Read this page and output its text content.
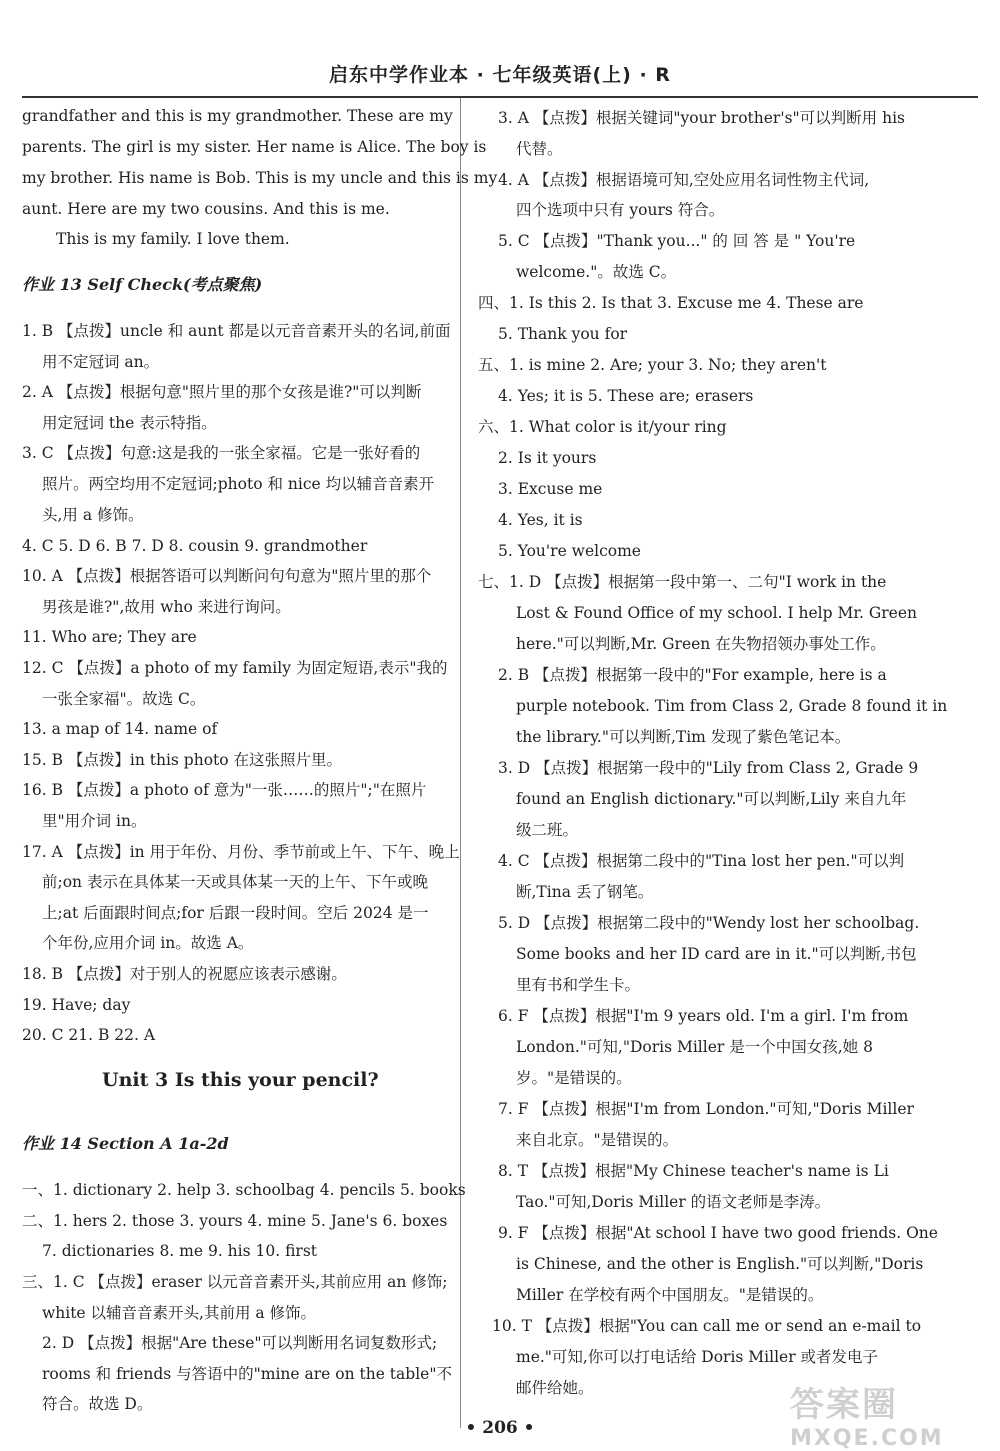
启东中学作业本 · 七年级英语(上) · R
grandfather and this is my grandmother. These are my
parents. The girl is my sister. Her name is Alice. The boy is
my brother. His name is Bob. This is my uncle and this is my
aunt. Here are my two cousins. And this is me.
This is my family. I love them.
作业 13 Self Check(考点聚焦)
1. B 【点拨】uncle 和 aunt 都是以元音音素开头的名词,前面
用不定冠词 an。
2. A 【点拨】根据句意"照片里的那个女孩是谁?"可以判断
用定冠词 the 表示特指。
3. C 【点拨】句意:这是我的一张全家福。它是一张好看的
照片。两空均用不定冠词;photo 和 nice 均以辅音音素开
头,用 a 修饰。
4. C 5. D 6. B 7. D 8. cousin 9. grandmother
10. A 【点拨】根据答语可以判断问句句意为"照片里的那个
男孩是谁?",故用 who 来进行询问。
11. Who are; They are
12. C 【点拨】a photo of my family 为固定短语,表示"我的
一张全家福"。故选 C。
13. a map of 14. name of
15. B 【点拨】in this photo 在这张照片里。
16. B 【点拨】a photo of 意为"一张……的照片";"在照片
里"用介词 in。
17. A 【点拨】in 用于年份、月份、季节前或上午、下午、晚上
前;on 表示在具体某一天或具体某一天的上午、下午或晚
上;at 后面跟时间点;for 后跟一段时间。空后 2024 是一
个年份,应用介词 in。故选 A。
18. B 【点拨】对于别人的祝愿应该表示感谢。
19. Have; day
20. C 21. B 22. A
Unit 3 Is this your pencil?
作业 14 Section A 1a-2d
一、1. dictionary 2. help 3. schoolbag 4. pencils 5. books
二、1. hers 2. those 3. yours 4. mine 5. Jane's 6. boxes
7. dictionaries 8. me 9. his 10. first
三、1. C 【点拨】eraser 以元音音素开头,其前应用 an 修饰;
white 以辅音音素开头,其前用 a 修饰。
2. D 【点拨】根据"Are these"可以判断用名词复数形式;
rooms 和 friends 与答语中的"mine are on the table"不
符合。故选 D。
3. A 【点拨】根据关键词"your brother's"可以判断用 his
代替。
4. A 【点拨】根据语境可知,空处应用名词性物主代词,
四个选项中只有 yours 符合。
5. C 【点拨】"Thank you..." 的 回 答 是 " You're
welcome."。故选 C。
四、1. Is this 2. Is that 3. Excuse me 4. These are
5. Thank you for
五、1. is mine 2. Are; your 3. No; they aren't
4. Yes; it is 5. These are; erasers
六、1. What color is it/your ring
2. Is it yours
3. Excuse me
4. Yes, it is
5. You're welcome
七、1. D 【点拨】根据第一段中第一、二句"I work in the
Lost & Found Office of my school. I help Mr. Green
here."可以判断,Mr. Green 在失物招领办事处工作。
2. B 【点拨】根据第一段中的"For example, here is a
purple notebook. Tim from Class 2, Grade 8 found it in
the library."可以判断,Tim 发现了紫色笔记本。
3. D 【点拨】根据第一段中的"Lily from Class 2, Grade 9
found an English dictionary."可以判断,Lily 来自九年
级二班。
4. C 【点拨】根据第二段中的"Tina lost her pen."可以判
断,Tina 丢了钢笔。
5. D 【点拨】根据第二段中的"Wendy lost her schoolbag.
Some books and her ID card are in it."可以判断,书包
里有书和学生卡。
6. F 【点拨】根据"I'm 9 years old. I'm a girl. I'm from
London."可知,"Doris Miller 是一个中国女孩,她 8
岁。"是错误的。
7. F 【点拨】根据"I'm from London."可知,"Doris Miller
来自北京。"是错误的。
8. T 【点拨】根据"My Chinese teacher's name is Li
Tao."可知,Doris Miller 的语文老师是李涛。
9. F 【点拨】根据"At school I have two good friends. One
is Chinese, and the other is English."可以判断,"Doris
Miller 在学校有两个中国朋友。"是错误的。
10. T 【点拨】根据"You can call me or send an e-mail to
me."可知,你可以打电话给 Doris Miller 或者发电子
邮件给她。
• 206 •
答案圈
MXQE.COM
